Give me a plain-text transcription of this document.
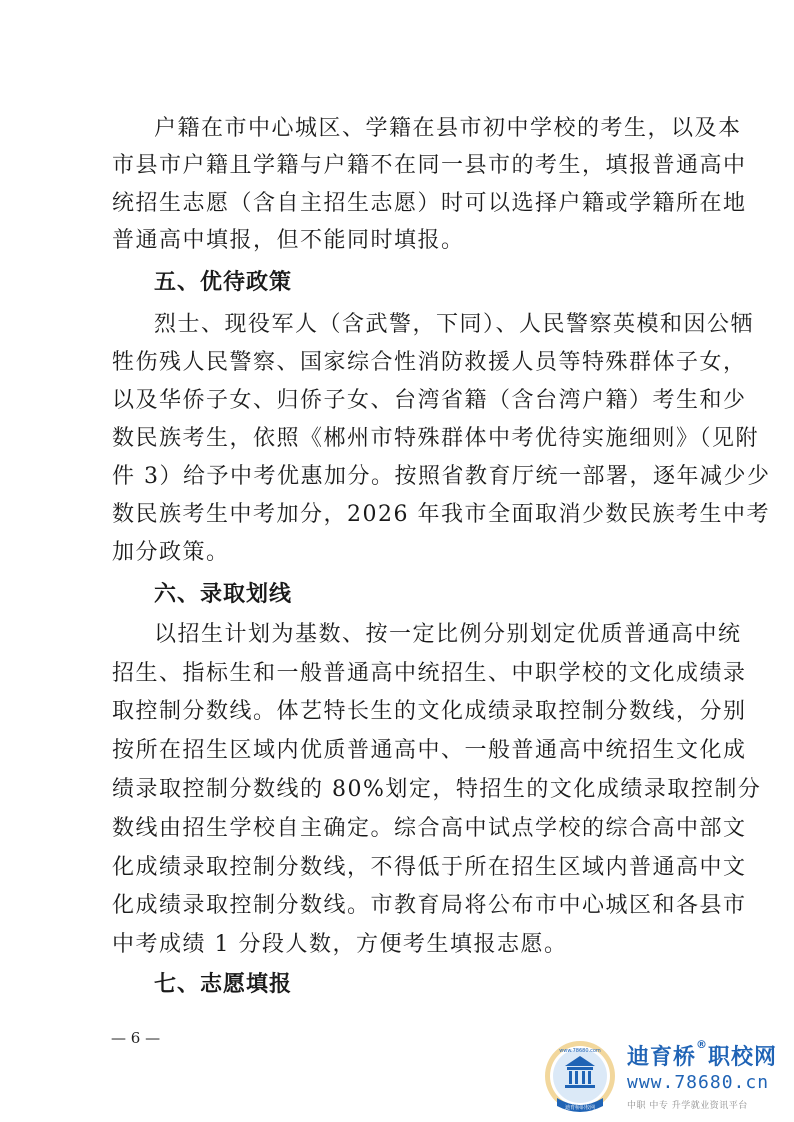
户籍在市中心城区、学籍在县市初中学校的考生，以及本
市县市户籍且学籍与户籍不在同一县市的考生，填报普通高中
统招生志愿（含自主招生志愿）时可以选择户籍或学籍所在地
普通高中填报，但不能同时填报。
五、优待政策
烈士、现役军人（含武警，下同）、人民警察英模和因公牺
牲伤残人民警察、国家综合性消防救援人员等特殊群体子女，
以及华侨子女、归侨子女、台湾省籍（含台湾户籍）考生和少
数民族考生，依照《郴州市特殊群体中考优待实施细则》（见附
件 3）给予中考优惠加分。按照省教育厅统一部署，逐年减少少
数民族考生中考加分，2026 年我市全面取消少数民族考生中考
加分政策。
六、录取划线
以招生计划为基数、按一定比例分别划定优质普通高中统
招生、指标生和一般普通高中统招生、中职学校的文化成绩录
取控制分数线。体艺特长生的文化成绩录取控制分数线，分别
按所在招生区域内优质普通高中、一般普通高中统招生文化成
绩录取控制分数线的 80%划定，特招生的文化成绩录取控制分
数线由招生学校自主确定。综合高中试点学校的综合高中部文
化成绩录取控制分数线，不得低于所在招生区域内普通高中文
化成绩录取控制分数线。市教育局将公布市中心城区和各县市
中考成绩 1 分段人数，方便考生填报志愿。
七、志愿填报
— 6 —
www.78680.com
迪育桥职校网
迪育桥®职校网
www.78680.cn
中职 中专 升学就业资讯平台
